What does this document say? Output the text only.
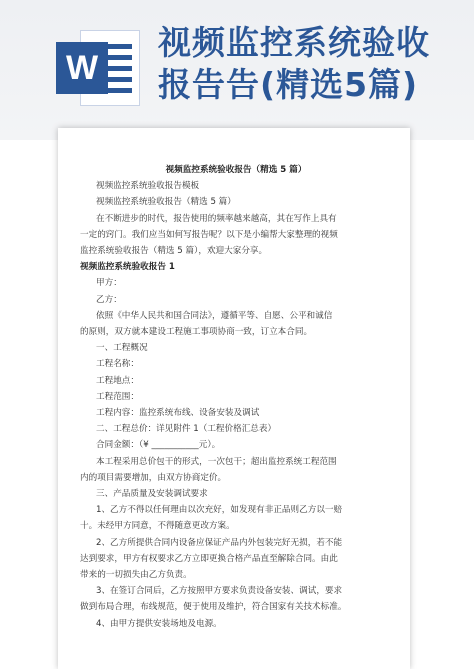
W
视频监控系统验收
报告告(精选5篇)

视频监控系统验收报告（精选 5 篇）

视频监控系统验收报告模板

视频监控系统验收报告（精选 5 篇）

在不断进步的时代，报告使用的频率越来越高，其在写作上具有

一定的窍门。我们应当如何写报告呢？以下是小编帮大家整理的视频

监控系统验收报告（精选 5 篇），欢迎大家分享。

视频监控系统验收报告 1

甲方：

乙方：

依照《中华人民共和国合同法》，遵循平等、自愿、公平和诚信

的原则，双方就本建设工程施工事项协商一致，订立本合同。

一、工程概况

工程名称：

工程地点：

工程范围：

工程内容：监控系统布线、设备安装及调试

二、工程总价：详见附件 1（工程价格汇总表）

合同金额：（¥ ___________元）。

本工程采用总价包干的形式，一次包干；超出监控系统工程范围

内的项目需要增加，由双方协商定价。

三、产品质量及安装调试要求

1、乙方不得以任何理由以次充好，如发现有非正品则乙方以一赔

十。未经甲方同意，不得随意更改方案。

2、乙方所提供合同内设备应保证产品内外包装完好无损，若不能

达到要求，甲方有权要求乙方立即更换合格产品直至解除合同。由此

带来的一切损失由乙方负责。

3、在签订合同后，乙方按照甲方要求负责设备安装、调试，要求

做到布局合理，布线规范，便于使用及维护，符合国家有关技术标准。

4、由甲方提供安装场地及电源。
